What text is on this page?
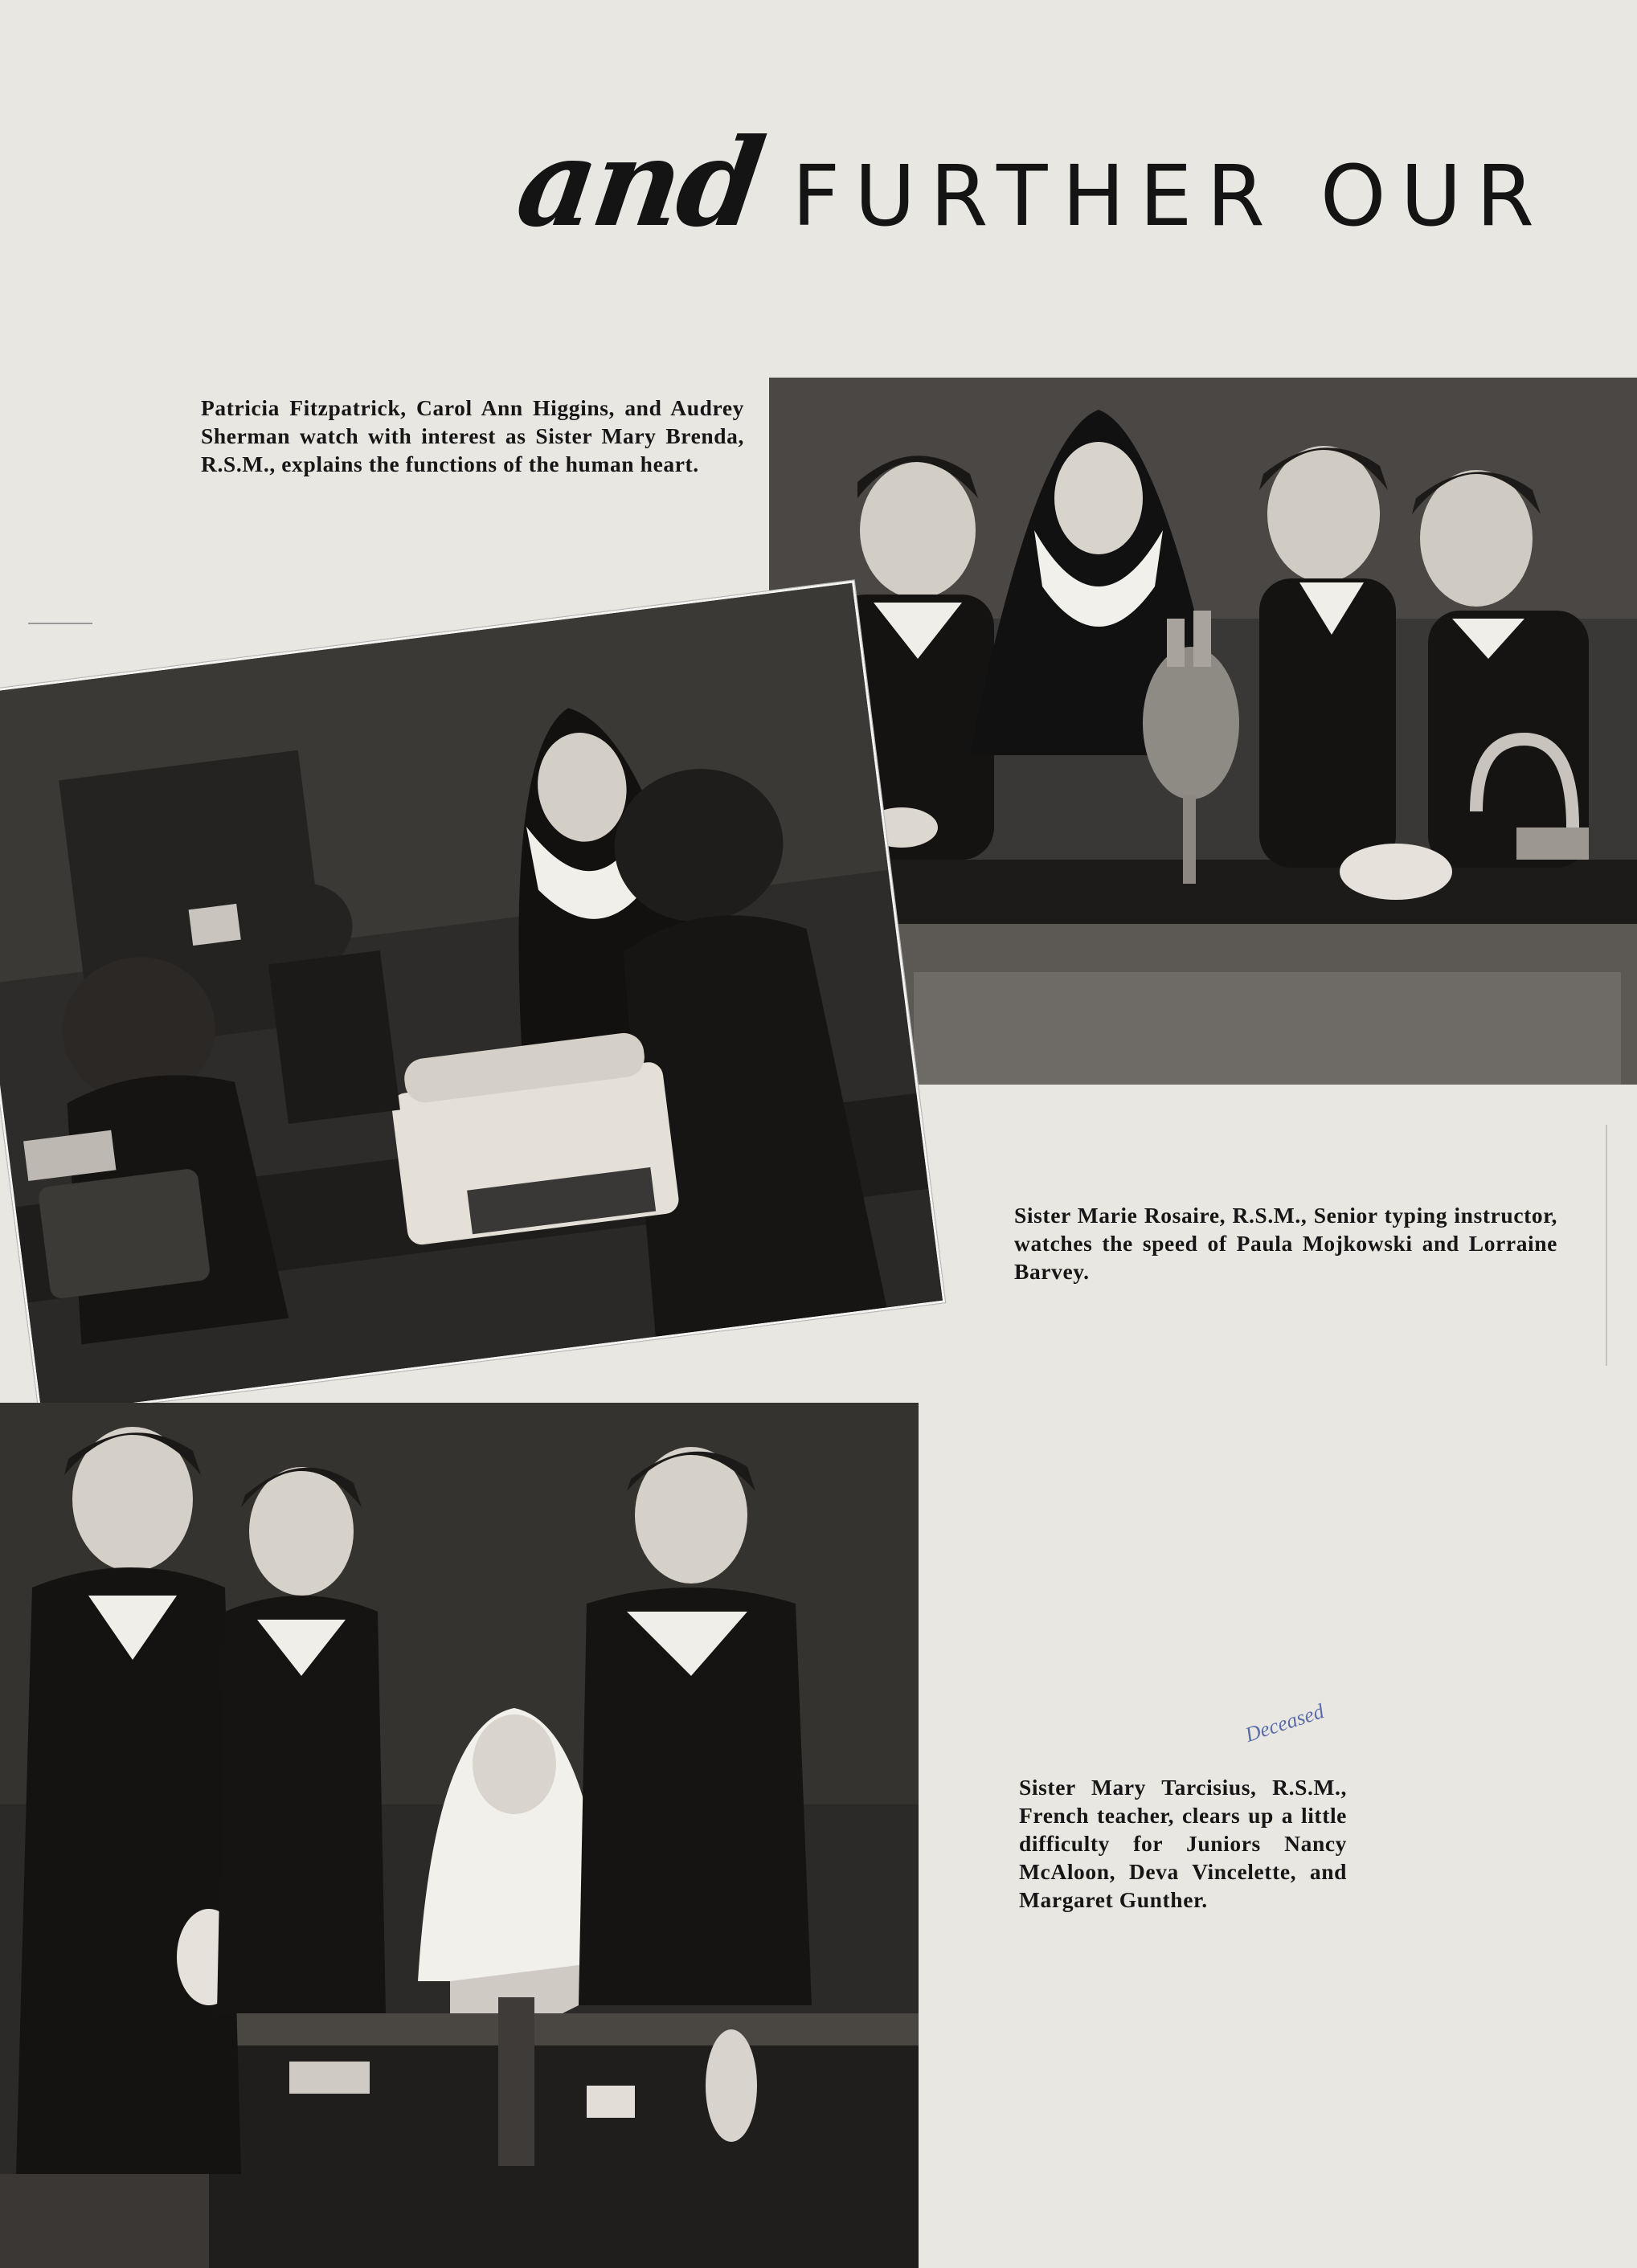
and FURTHER OUR
Patricia Fitzpatrick, Carol Ann Higgins, and Audrey Sherman watch with interest as Sister Mary Brenda, R.S.M., explains the functions of the human heart.
Sister Marie Rosaire, R.S.M., Senior typing instructor, watches the speed of Paula Mojkowski and Lorraine Barvey.
Sister Mary Tarcisius, R.S.M., French teacher, clears up a little difficulty for Juniors Nancy McAloon, Deva Vincelette, and Margaret Gunther.
Deceased
